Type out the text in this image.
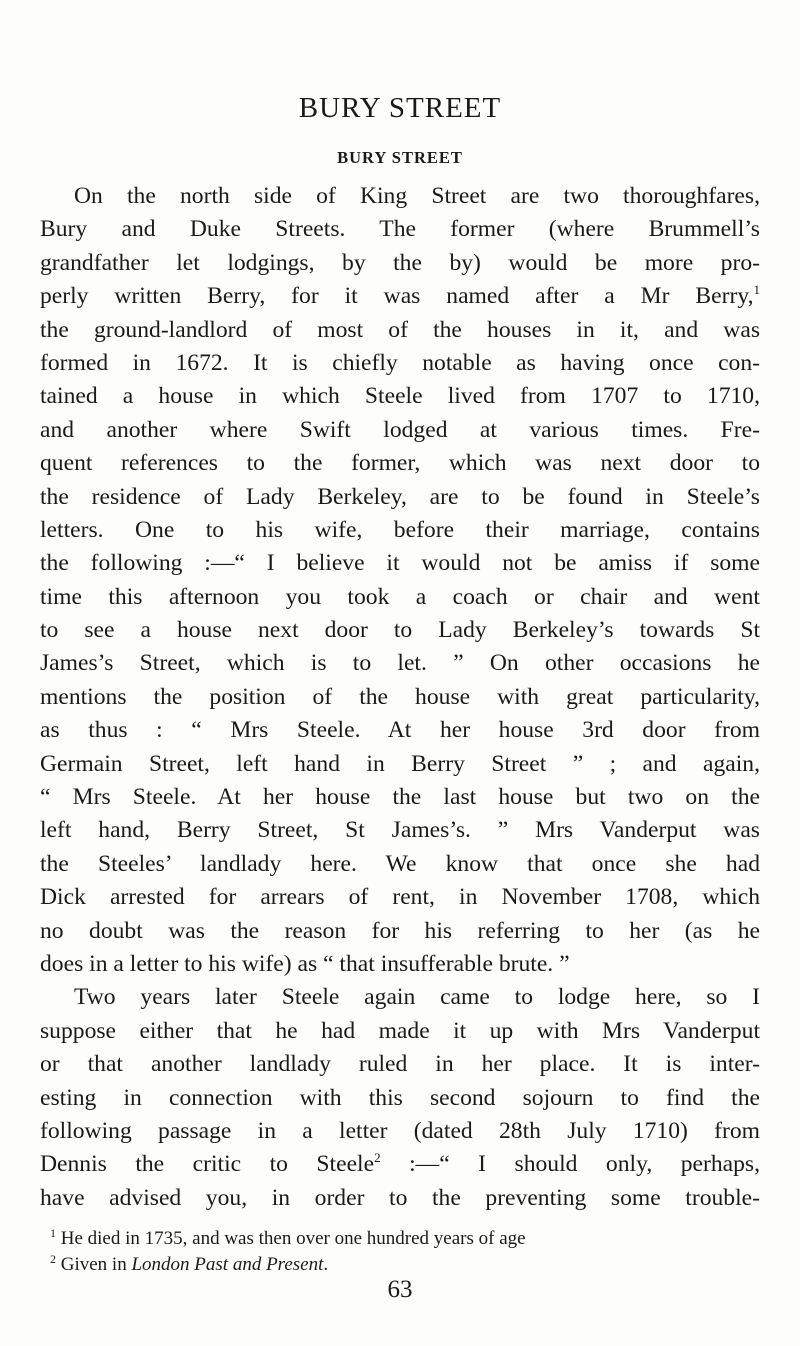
BURY STREET
BURY STREET
On the north side of King Street are two thoroughfares,
Bury and Duke Streets. The former (where Brummell’s
grandfather let lodgings, by the by) would be more pro-
perly written Berry, for it was named after a Mr Berry,$^1$
the ground-landlord of most of the houses in it, and was
formed in 1672. It is chiefly notable as having once con-
tained a house in which Steele lived from 1707 to 1710,
and another where Swift lodged at various times. Fre-
quent references to the former, which was next door to
the residence of Lady Berkeley, are to be found in Steele’s
letters. One to his wife, before their marriage, contains
the following :—“ I believe it would not be amiss if some
time this afternoon you took a coach or chair and went
to see a house next door to Lady Berkeley’s towards St
James’s Street, which is to let. ” On other occasions he
mentions the position of the house with great particularity,
as thus : “ Mrs Steele. At her house 3rd door from
Germain Street, left hand in Berry Street ” ; and again,
“ Mrs Steele. At her house the last house but two on the
left hand, Berry Street, St James’s. ” Mrs Vanderput was
the Steeles’ landlady here. We know that once she had
Dick arrested for arrears of rent, in November 1708, which
no doubt was the reason for his referring to her (as he
does in a letter to his wife) as “ that insufferable brute. ”
Two years later Steele again came to lodge here, so I
suppose either that he had made it up with Mrs Vanderput
or that another landlady ruled in her place. It is inter-
esting in connection with this second sojourn to find the
following passage in a letter (dated 28th July 1710) from
Dennis the critic to Steele$^2$ :—“ I should only, perhaps,
have advised you, in order to the preventing some trouble-
$^1$ He died in 1735, and was then over one hundred years of age
$^2$ Given in London Past and Present.
63
